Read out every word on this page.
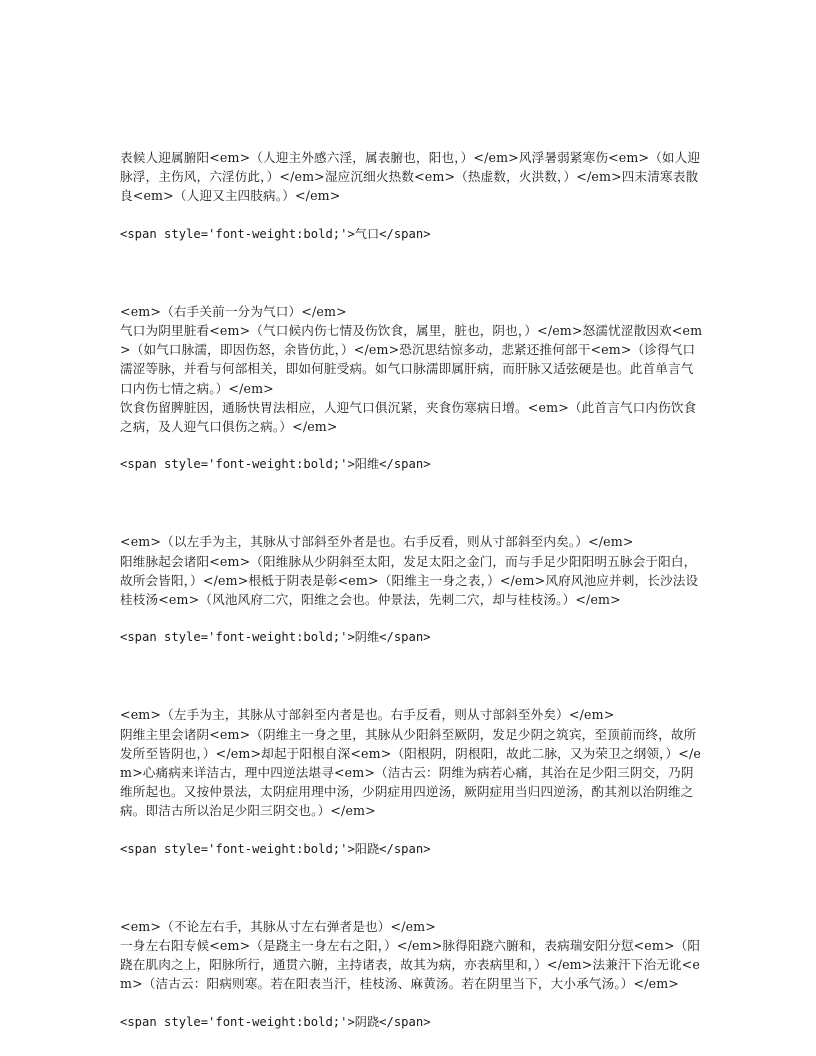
表候人迎属腑阳<em>（人迎主外感六淫，属表腑也，阳也，）</em>风浮暑弱紧寒伤<em>（如人迎脉浮，主伤风，六淫仿此，）</em>湿应沉细火热数<em>（热虚数，火洪数，）</em>四末清寒表散良<em>（人迎又主四肢病。）</em>

<span style='font-weight:bold;'>气口</span>

<em>（右手关前一分为气口）</em>

气口为阴里脏看<em>（气口候内伤七情及伤饮食，属里，脏也，阴也，）</em>怒濡忧涩散因欢<em>（如气口脉濡，即因伤怒，余皆仿此，）</em>恐沉思结惊多动，悲紧还推何部干<em>（诊得气口濡涩等脉，并看与何部相关，即如何脏受病。如气口脉濡即属肝病，而肝脉又适弦硬是也。此首单言气口内伤七情之病。）</em>

饮食伤留脾脏因，通肠快胃法相应，人迎气口俱沉紧，夹食伤寒病日增。<em>（此首言气口内伤饮食之病，及人迎气口俱伤之病。）</em>

<span style='font-weight:bold;'>阳维</span>

<em>（以左手为主，其脉从寸部斜至外者是也。右手反看，则从寸部斜至内矣。）</em>

阳维脉起会诸阳<em>（阳维脉从少阴斜至太阳，发足太阳之金门，而与手足少阳阳明五脉会于阳白，故所会皆阳，）</em>根柢于阴表是彰<em>（阳维主一身之表，）</em>风府风池应并刺，长沙法设桂枝汤<em>（风池风府二穴，阳维之会也。仲景法，先刺二穴，却与桂枝汤。）</em>

<span style='font-weight:bold;'>阴维</span>

<em>（左手为主，其脉从寸部斜至内者是也。右手反看，则从寸部斜至外矣）</em>

阴维主里会诸阴<em>（阴维主一身之里，其脉从少阳斜至厥阴，发足少阴之筑宾，至顶前而终，故所发所至皆阴也，）</em>却起于阳根自深<em>（阳根阴，阴根阳，故此二脉，又为荣卫之纲领，）</em>心痛病来详洁古，理中四逆法堪寻<em>（洁古云：阴维为病若心痛，其治在足少阳三阴交，乃阴维所起也。又按仲景法，太阴症用理中汤，少阴症用四逆汤，厥阴症用当归四逆汤，酌其剂以治阴维之病。即洁古所以治足少阳三阴交也。）</em>

<span style='font-weight:bold;'>阳跷</span>

<em>（不论左右手，其脉从寸左右弹者是也）</em>

一身左右阳专候<em>（是跷主一身左右之阳，）</em>脉得阳跷六腑和，表病瑞安阳分愆<em>（阳跷在肌肉之上，阳脉所行，通贯六腑，主持诸表，故其为病，亦表病里和，）</em>法兼汗下治无讹<em>（洁古云：阳病则寒。若在阳表当汗，桂枝汤、麻黄汤。若在阴里当下，大小承气汤。）</em>

<span style='font-weight:bold;'>阴跷</span>
